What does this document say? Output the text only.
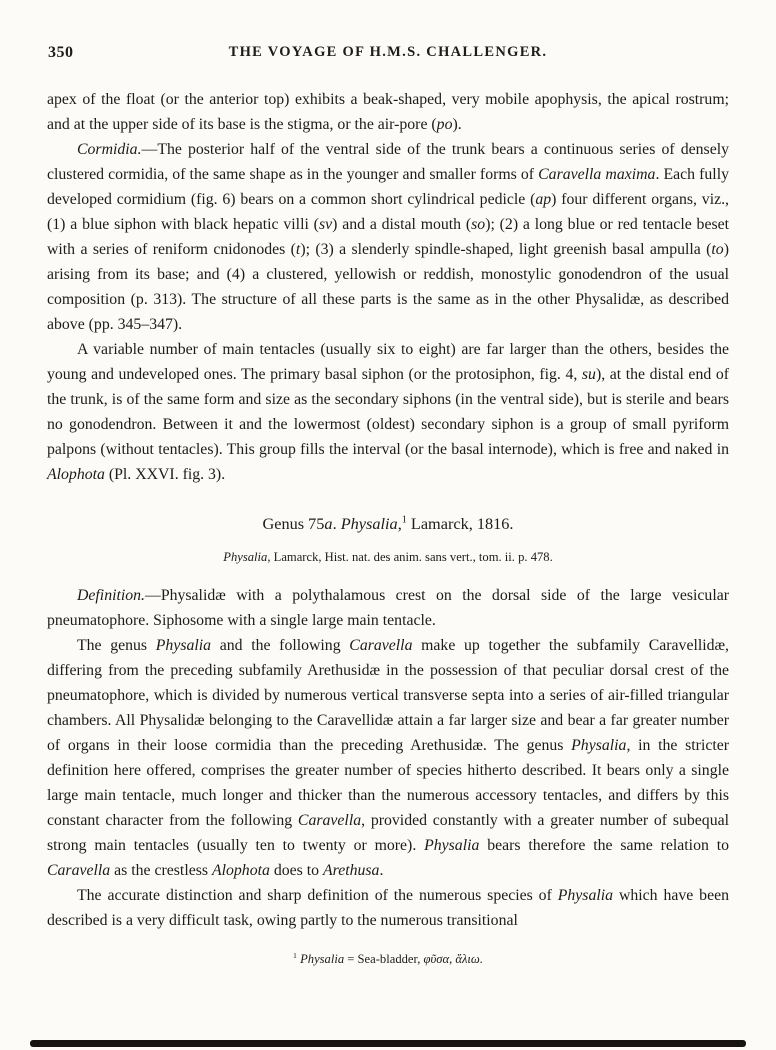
350	THE VOYAGE OF H.M.S. CHALLENGER.

apex of the float (or the anterior top) exhibits a beak-shaped, very mobile apophysis, the apical rostrum; and at the upper side of its base is the stigma, or the air-pore (po).

Cormidia.—The posterior half of the ventral side of the trunk bears a continuous series of densely clustered cormidia, of the same shape as in the younger and smaller forms of Caravella maxima. Each fully developed cormidium (fig. 6) bears on a common short cylindrical pedicle (ap) four different organs, viz., (1) a blue siphon with black hepatic villi (sv) and a distal mouth (so); (2) a long blue or red tentacle beset with a series of reniform cnidonodes (t); (3) a slenderly spindle-shaped, light greenish basal ampulla (to) arising from its base; and (4) a clustered, yellowish or reddish, monostylic gonodendron of the usual composition (p. 313). The structure of all these parts is the same as in the other Physalidæ, as described above (pp. 345–347).

A variable number of main tentacles (usually six to eight) are far larger than the others, besides the young and undeveloped ones. The primary basal siphon (or the protosiphon, fig. 4, su), at the distal end of the trunk, is of the same form and size as the secondary siphons (in the ventral side), but is sterile and bears no gonodendron. Between it and the lowermost (oldest) secondary siphon is a group of small pyriform palpons (without tentacles). This group fills the interval (or the basal internode), which is free and naked in Alophota (Pl. XXVI. fig. 3).

Genus 75a. Physalia,$^1$ Lamarck, 1816.
Physalia, Lamarck, Hist. nat. des anim. sans vert., tom. ii. p. 478.

Definition.—Physalidæ with a polythalamous crest on the dorsal side of the large vesicular pneumatophore. Siphosome with a single large main tentacle.

The genus Physalia and the following Caravella make up together the subfamily Caravellidæ, differing from the preceding subfamily Arethusidæ in the possession of that peculiar dorsal crest of the pneumatophore, which is divided by numerous vertical transverse septa into a series of air-filled triangular chambers. All Physalidæ belonging to the Caravellidæ attain a far larger size and bear a far greater number of organs in their loose cormidia than the preceding Arethusidæ. The genus Physalia, in the stricter definition here offered, comprises the greater number of species hitherto described. It bears only a single large main tentacle, much longer and thicker than the numerous accessory tentacles, and differs by this constant character from the following Caravella, provided constantly with a greater number of subequal strong main tentacles (usually ten to twenty or more). Physalia bears therefore the same relation to Caravella as the crestless Alophota does to Arethusa.

The accurate distinction and sharp definition of the numerous species of Physalia which have been described is a very difficult task, owing partly to the numerous transitional

$^1$ Physalia = Sea-bladder, φῦσα, ἅλιω.
